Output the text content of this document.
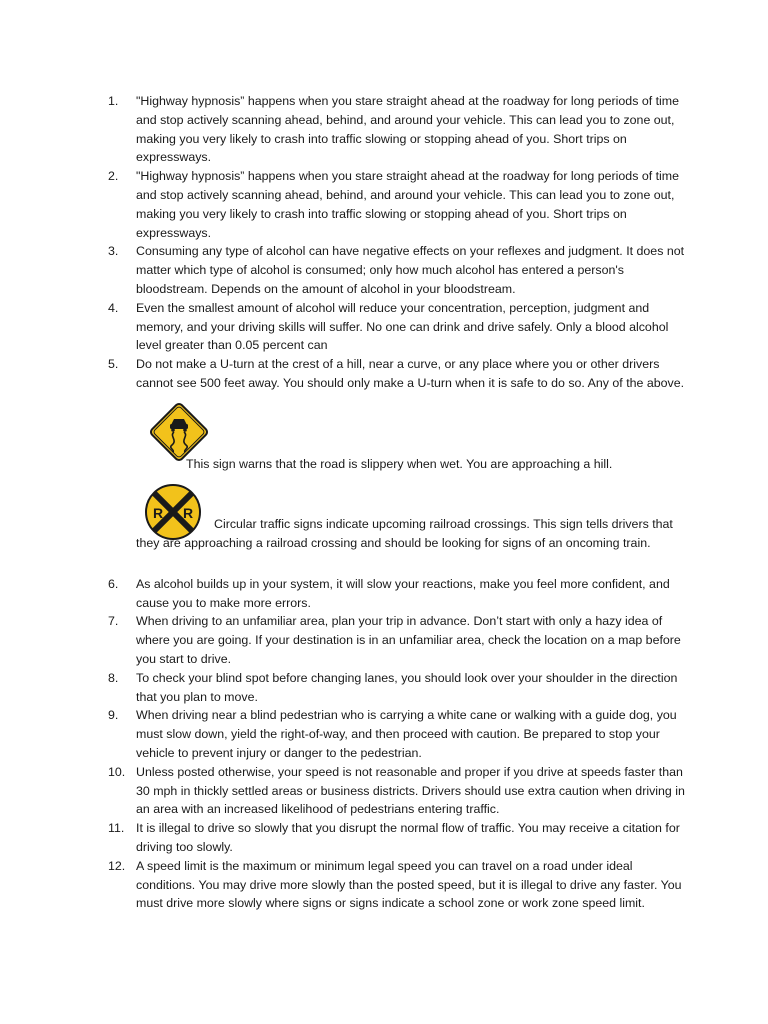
1.	"Highway hypnosis” happens when you stare straight ahead at the roadway for long periods of time and stop actively scanning ahead, behind, and around your vehicle. This can lead you to zone out, making you very likely to crash into traffic slowing or stopping ahead of you. Short trips on expressways.
2.	"Highway hypnosis” happens when you stare straight ahead at the roadway for long periods of time and stop actively scanning ahead, behind, and around your vehicle. This can lead you to zone out, making you very likely to crash into traffic slowing or stopping ahead of you. Short trips on expressways.
3.	Consuming any type of alcohol can have negative effects on your reflexes and judgment. It does not matter which type of alcohol is consumed; only how much alcohol has entered a person's bloodstream. Depends on the amount of alcohol in your bloodstream.
4.	Even the smallest amount of alcohol will reduce your concentration, perception, judgment and memory, and your driving skills will suffer. No one can drink and drive safely. Only a blood alcohol level greater than 0.05 percent can
5.	Do not make a U-turn at the crest of a hill, near a curve, or any place where you or other drivers cannot see 500 feet away. You should only make a U-turn when it is safe to do so. Any of the above.
This sign warns that the road is slippery when wet. You are approaching a hill.
R R
Circular traffic signs indicate upcoming railroad crossings. This sign tells drivers that they are approaching a railroad crossing and should be looking for signs of an oncoming train.
6.	As alcohol builds up in your system, it will slow your reactions, make you feel more confident, and cause you to make more errors.
7.	When driving to an unfamiliar area, plan your trip in advance. Don’t start with only a hazy idea of where you are going. If your destination is in an unfamiliar area, check the location on a map before you start to drive.
8.	To check your blind spot before changing lanes, you should look over your shoulder in the direction that you plan to move.
9.	When driving near a blind pedestrian who is carrying a white cane or walking with a guide dog, you must slow down, yield the right-of-way, and then proceed with caution. Be prepared to stop your vehicle to prevent injury or danger to the pedestrian.
10. Unless posted otherwise, your speed is not reasonable and proper if you drive at speeds faster than 30 mph in thickly settled areas or business districts. Drivers should use extra caution when driving in an area with an increased likelihood of pedestrians entering traffic.
11. It is illegal to drive so slowly that you disrupt the normal flow of traffic. You may receive a citation for driving too slowly.
12. A speed limit is the maximum or minimum legal speed you can travel on a road under ideal conditions. You may drive more slowly than the posted speed, but it is illegal to drive any faster. You must drive more slowly where signs or signs indicate a school zone or work zone speed limit.
